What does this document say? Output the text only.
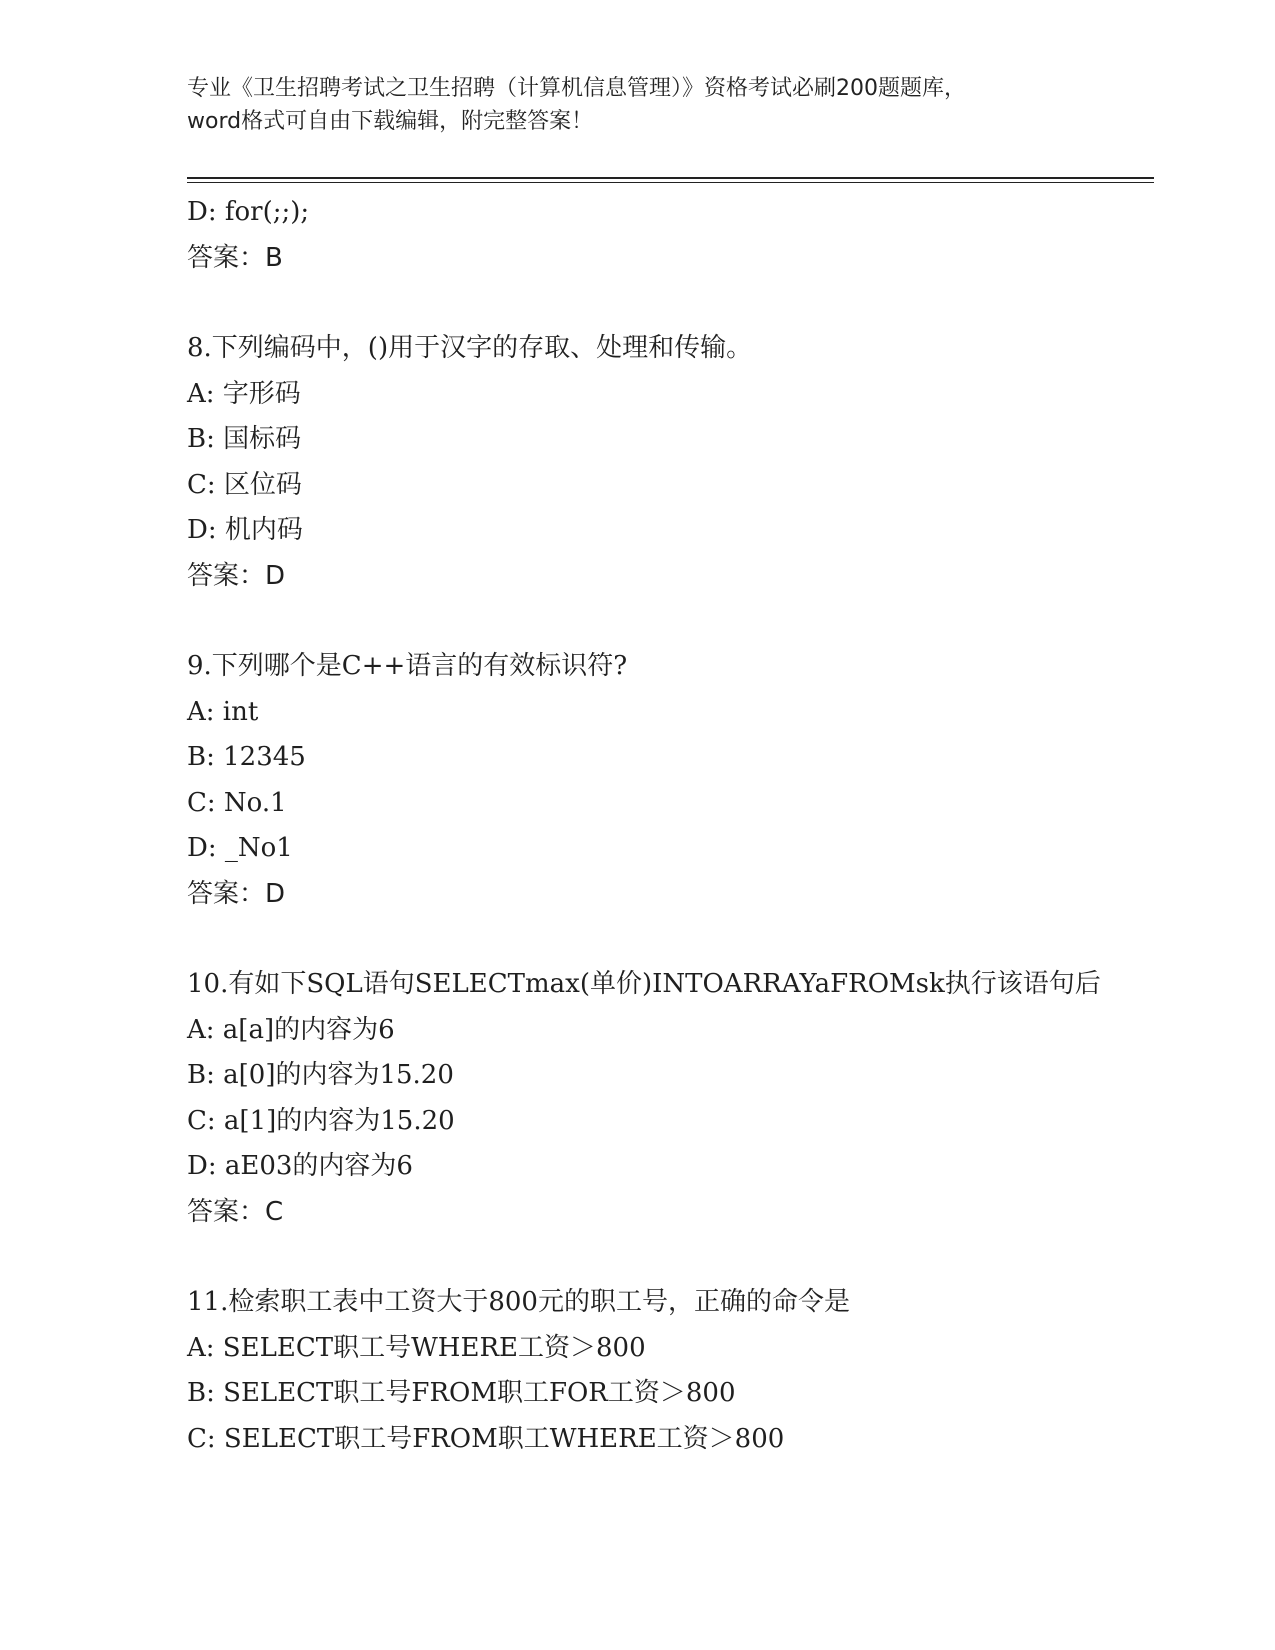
专业《卫生招聘考试之卫生招聘（计算机信息管理）》资格考试必刷200题题库，
word格式可自由下载编辑，附完整答案！
D: for(;;);
答案：B
8.下列编码中，()用于汉字的存取、处理和传输。
A: 字形码
B: 国标码
C: 区位码
D: 机内码
答案：D
9.下列哪个是C++语言的有效标识符?
A: int
B: 12345
C: No.1
D: _No1
答案：D
10.有如下SQL语句SELECTmax(单价)INTOARRAYaFROMsk执行该语句后
A: a[a]的内容为6
B: a[0]的内容为15.20
C: a[1]的内容为15.20
D: aE03的内容为6
答案：C
11.检索职工表中工资大于800元的职工号，正确的命令是
A: SELECT职工号WHERE工资＞800
B: SELECT职工号FROM职工FOR工资＞800
C: SELECT职工号FROM职工WHERE工资＞800
